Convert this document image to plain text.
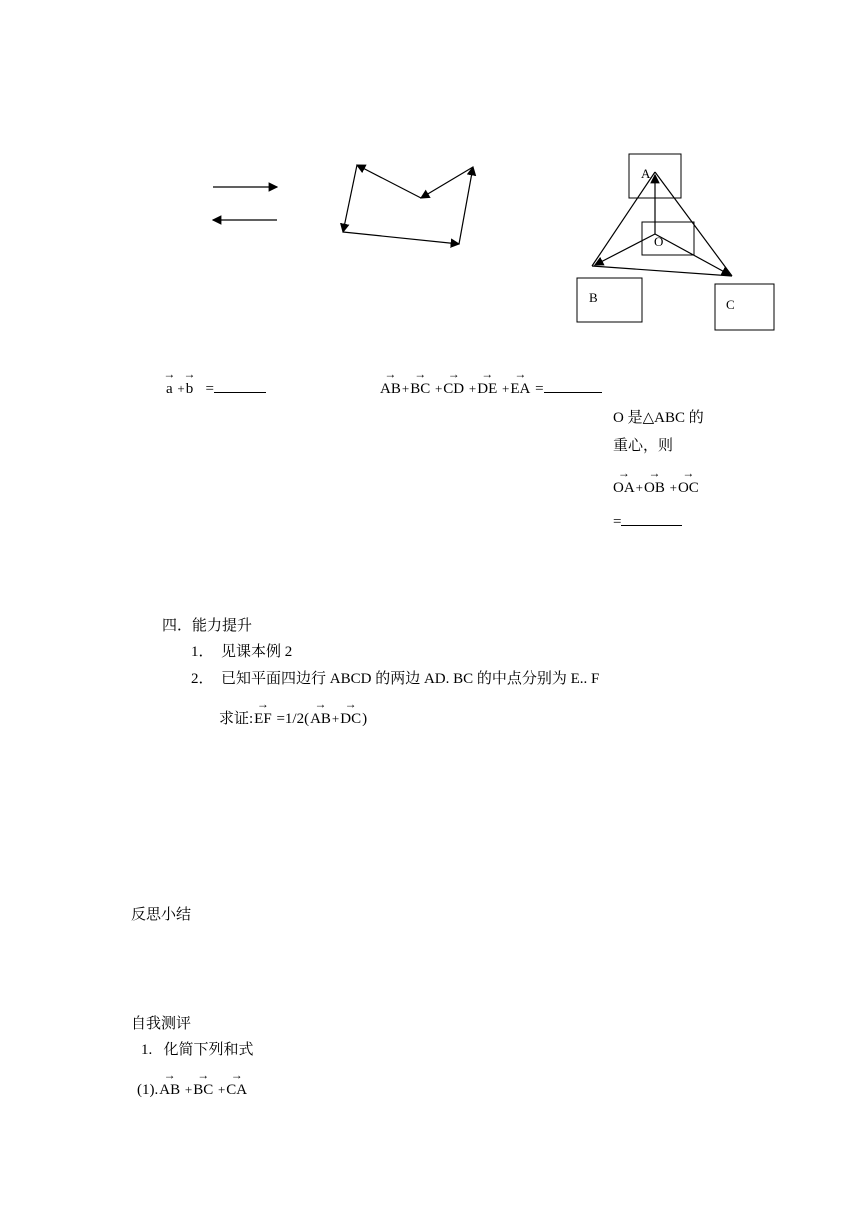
A
O
B	C
→ a +→ b =
→	AB+→ BC +→ CD +→ DE +→ EA =
O 是△ABC 的
重心，则
→ OA+→ OB +→ OC
=
四．能力提升
1． 见课本例 2
2． 已知平面四边行 ABCD 的两边 AD. BC 的中点分别为 E.. F
求证:→ EF =1/2(→ AB+→ DC)
反思小结
自我测评
1. 化简下列和式
(1).→ AB +→ BC +→ CA
